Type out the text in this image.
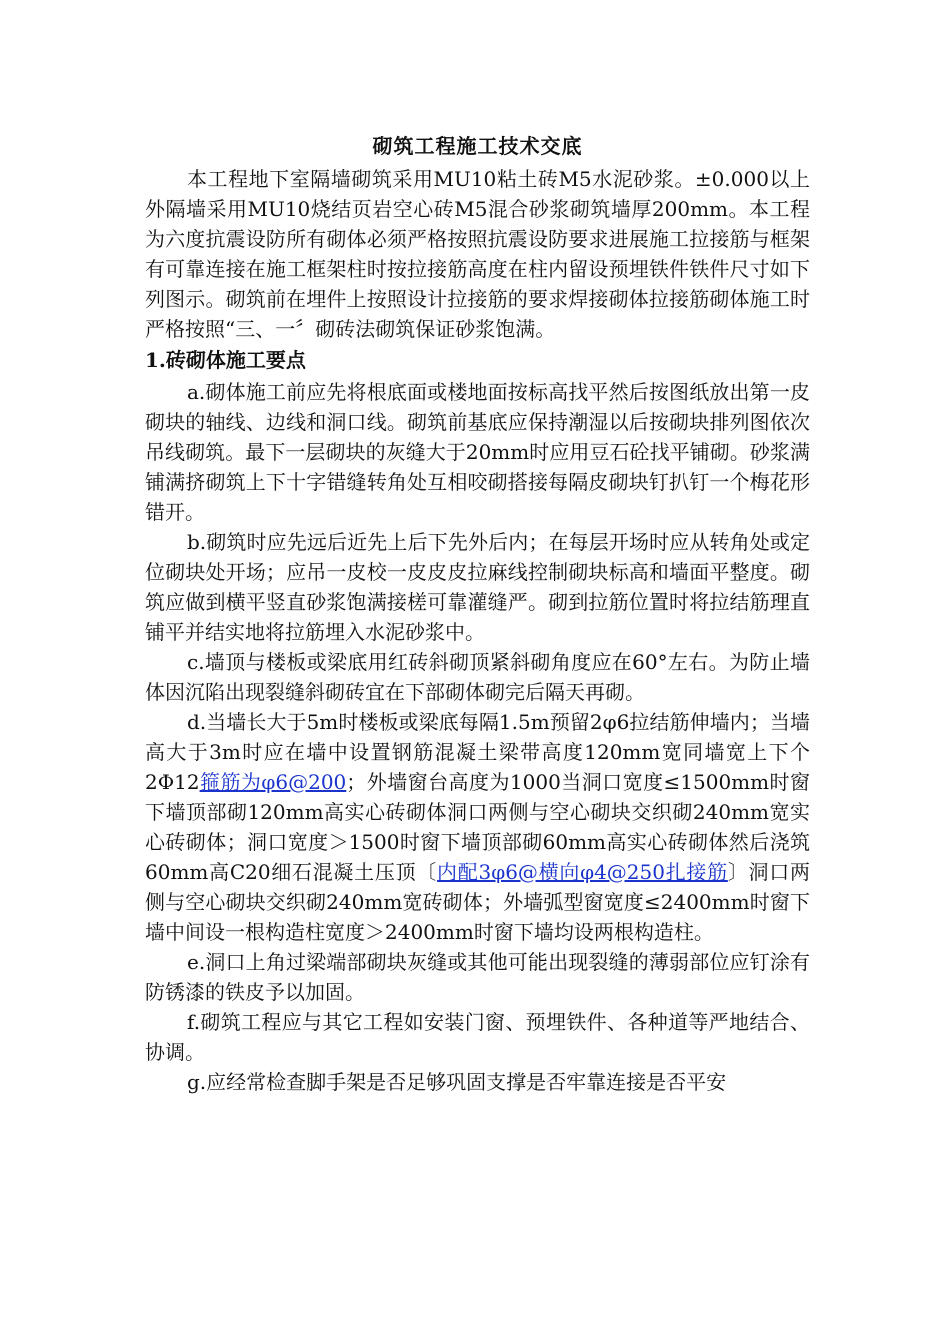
砌筑工程施工技术交底

本工程地下室隔墙砌筑采用MU10粘土砖M5水泥砂浆。±0.000以上外隔墙采用MU10烧结页岩空心砖M5混合砂浆砌筑墙厚200mm。本工程为六度抗震设防所有砌体必须严格按照抗震设防要求进展施工拉接筋与框架有可靠连接在施工框架柱时按拉接筋高度在柱内留设预埋铁件铁件尺寸如下列图示。砌筑前在埋件上按照设计拉接筋的要求焊接砌体拉接筋砌体施工时严格按照“三、一〞砌砖法砌筑保证砂浆饱满。

1.砖砌体施工要点

a.砌体施工前应先将根底面或楼地面按标高找平然后按图纸放出第一皮砌块的轴线、边线和洞口线。砌筑前基底应保持潮湿以后按砌块排列图依次吊线砌筑。最下一层砌块的灰缝大于20mm时应用豆石砼找平铺砌。砂浆满铺满挤砌筑上下十字错缝转角处互相咬砌搭接每隔皮砌块钉扒钉一个梅花形错开。

b.砌筑时应先远后近先上后下先外后内；在每层开场时应从转角处或定位砌块处开场；应吊一皮校一皮皮皮拉麻线控制砌块标高和墙面平整度。砌筑应做到横平竖直砂浆饱满接槎可靠灌缝严。砌到拉筋位置时将拉结筋理直铺平并结实地将拉筋埋入水泥砂浆中。

c.墙顶与楼板或梁底用红砖斜砌顶紧斜砌角度应在60°左右。为防止墙体因沉陷出现裂缝斜砌砖宜在下部砌体砌完后隔天再砌。

d.当墙长大于5m时楼板或梁底每隔1.5m预留2φ6拉结筋伸墙内；当墙高大于3m时应在墙中设置钢筋混凝土梁带高度120mm宽同墙宽上下个2Φ12箍筋为φ6@200；外墙窗台高度为1000当洞口宽度≤1500mm时窗下墙顶部砌120mm高实心砖砌体洞口两侧与空心砌块交织砌240mm宽实心砖砌体；洞口宽度＞1500时窗下墙顶部砌60mm高实心砖砌体然后浇筑60mm高C20细石混凝土压顶〔内配3φ6@横向φ4@250扎接筋〕洞口两侧与空心砌块交织砌240mm宽砖砌体；外墙弧型窗宽度≤2400mm时窗下墙中间设一根构造柱宽度＞2400mm时窗下墙均设两根构造柱。

e.洞口上角过梁端部砌块灰缝或其他可能出现裂缝的薄弱部位应钉涂有防锈漆的铁皮予以加固。

f.砌筑工程应与其它工程如安装门窗、预埋铁件、各种道等严地结合、协调。

g.应经常检查脚手架是否足够巩固支撑是否牢靠连接是否平安
